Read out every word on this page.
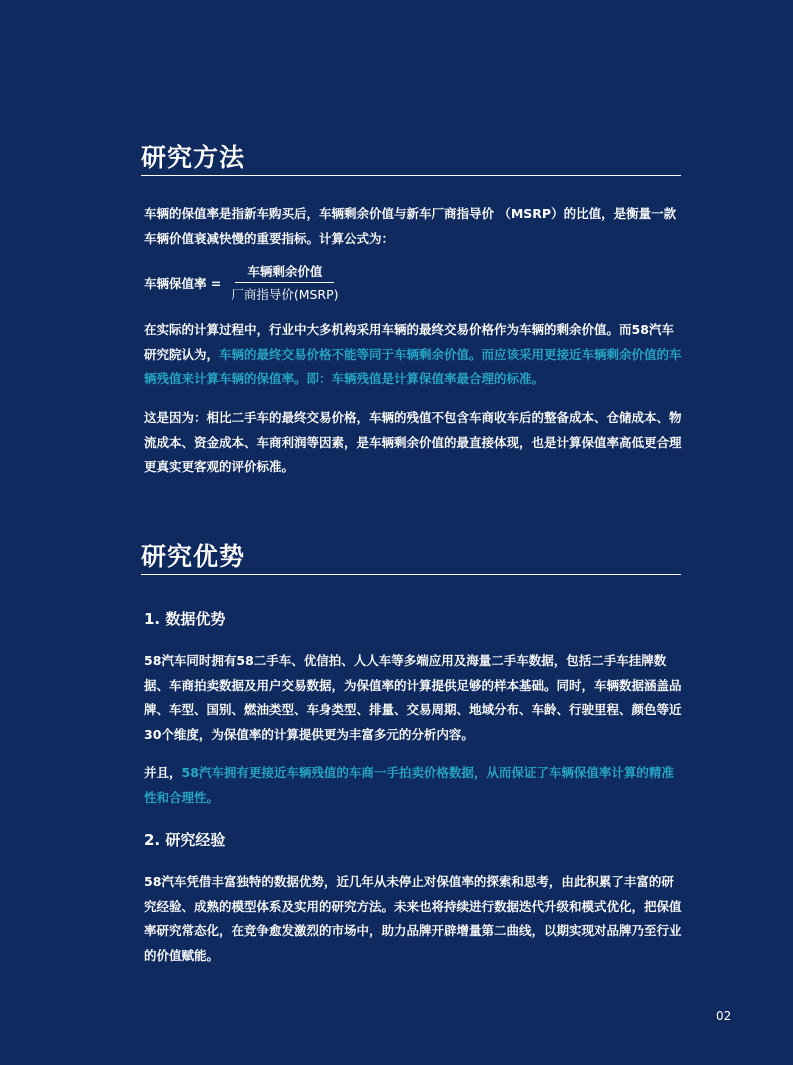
研究方法

车辆的保值率是指新车购买后，车辆剩余价值与新车厂商指导价 （MSRP）的比值，是衡量一款车辆价值衰减快慢的重要指标。计算公式为：

车辆保值率 = $\frac{\text{车辆剩余价值}}{\text{厂商指导价(MSRP)}}$

在实际的计算过程中，行业中大多机构采用车辆的最终交易价格作为车辆的剩余价值。而58汽车研究院认为，车辆的最终交易价格不能等同于车辆剩余价值。而应该采用更接近车辆剩余价值的车辆残值来计算车辆的保值率。即：车辆残值是计算保值率最合理的标准。

这是因为：相比二手车的最终交易价格，车辆的残值不包含车商收车后的整备成本、仓储成本、物流成本、资金成本、车商利润等因素，是车辆剩余价值的最直接体现，也是计算保值率高低更合理更真实更客观的评价标准。

研究优势
1. 数据优势

58汽车同时拥有58二手车、优信拍、人人车等多端应用及海量二手车数据，包括二手车挂牌数据、车商拍卖数据及用户交易数据，为保值率的计算提供足够的样本基础。同时，车辆数据涵盖品牌、车型、国别、燃油类型、车身类型、排量、交易周期、地域分布、车龄、行驶里程、颜色等近30个维度，为保值率的计算提供更为丰富多元的分析内容。

并且，58汽车拥有更接近车辆残值的车商一手拍卖价格数据，从而保证了车辆保值率计算的精准性和合理性。

2. 研究经验

58汽车凭借丰富独特的数据优势，近几年从未停止对保值率的探索和思考，由此积累了丰富的研究经验、成熟的模型体系及实用的研究方法。未来也将持续进行数据迭代升级和模式优化，把保值率研究常态化，在竞争愈发激烈的市场中，助力品牌开辟增量第二曲线，以期实现对品牌乃至行业的价值赋能。

02
